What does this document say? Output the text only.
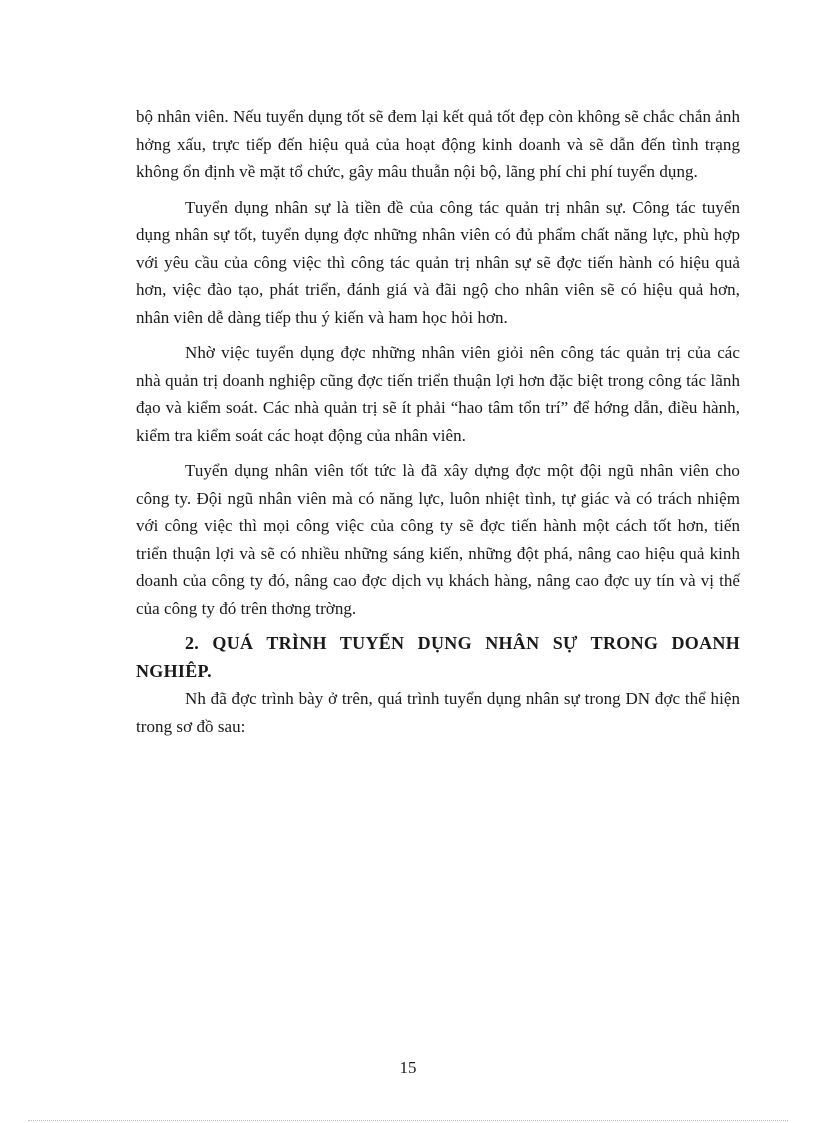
bộ nhân viên. Nếu tuyển dụng tốt sẽ đem lại kết quả tốt đẹp còn không sẽ chắc chắn ảnh hởng xấu, trực tiếp đến hiệu quả của hoạt động kinh doanh và sẽ dẫn đến tình trạng không ổn định về mặt tổ chức, gây mâu thuẫn nội bộ, lãng phí chi phí tuyển dụng.

Tuyển dụng nhân sự là tiền đề của công tác quản trị nhân sự. Công tác tuyển dụng nhân sự tốt, tuyển dụng đợc những nhân viên có đủ phẩm chất năng lực, phù hợp với yêu cầu của công việc thì công tác quản trị nhân sự sẽ đợc tiến hành có hiệu quả hơn, việc đào tạo, phát triển, đánh giá và đãi ngộ cho nhân viên sẽ có hiệu quả hơn, nhân viên dễ dàng tiếp thu ý kiến và ham học hỏi hơn.

Nhờ việc tuyển dụng đợc những nhân viên giỏi nên công tác quản trị của các nhà quản trị doanh nghiệp cũng đợc tiến triển thuận lợi hơn đặc biệt trong công tác lãnh đạo và kiểm soát. Các nhà quản trị sẽ ít phải “hao tâm tổn trí” để hớng dẫn, điều hành, kiểm tra kiểm soát các hoạt động của nhân viên.

Tuyển dụng nhân viên tốt tức là đã xây dựng đợc một đội ngũ nhân viên cho công ty. Đội ngũ nhân viên mà có năng lực, luôn nhiệt tình, tự giác và có trách nhiệm với công việc thì mọi công việc của công ty sẽ đợc tiến hành một cách tốt hơn, tiến triển thuận lợi và sẽ có nhiều những sáng kiến, những đột phá, nâng cao hiệu quả kinh doanh của công ty đó, nâng cao đợc dịch vụ khách hàng, nâng cao đợc uy tín và vị thế của công ty đó trên thơng trờng.

2. QUÁ TRÌNH TUYỂN DỤNG NHÂN SỰ TRONG DOANH NGHIÊP.

Nh đã đợc trình bày ở trên, quá trình tuyển dụng nhân sự trong DN đợc thể hiện trong sơ đồ sau:

15
